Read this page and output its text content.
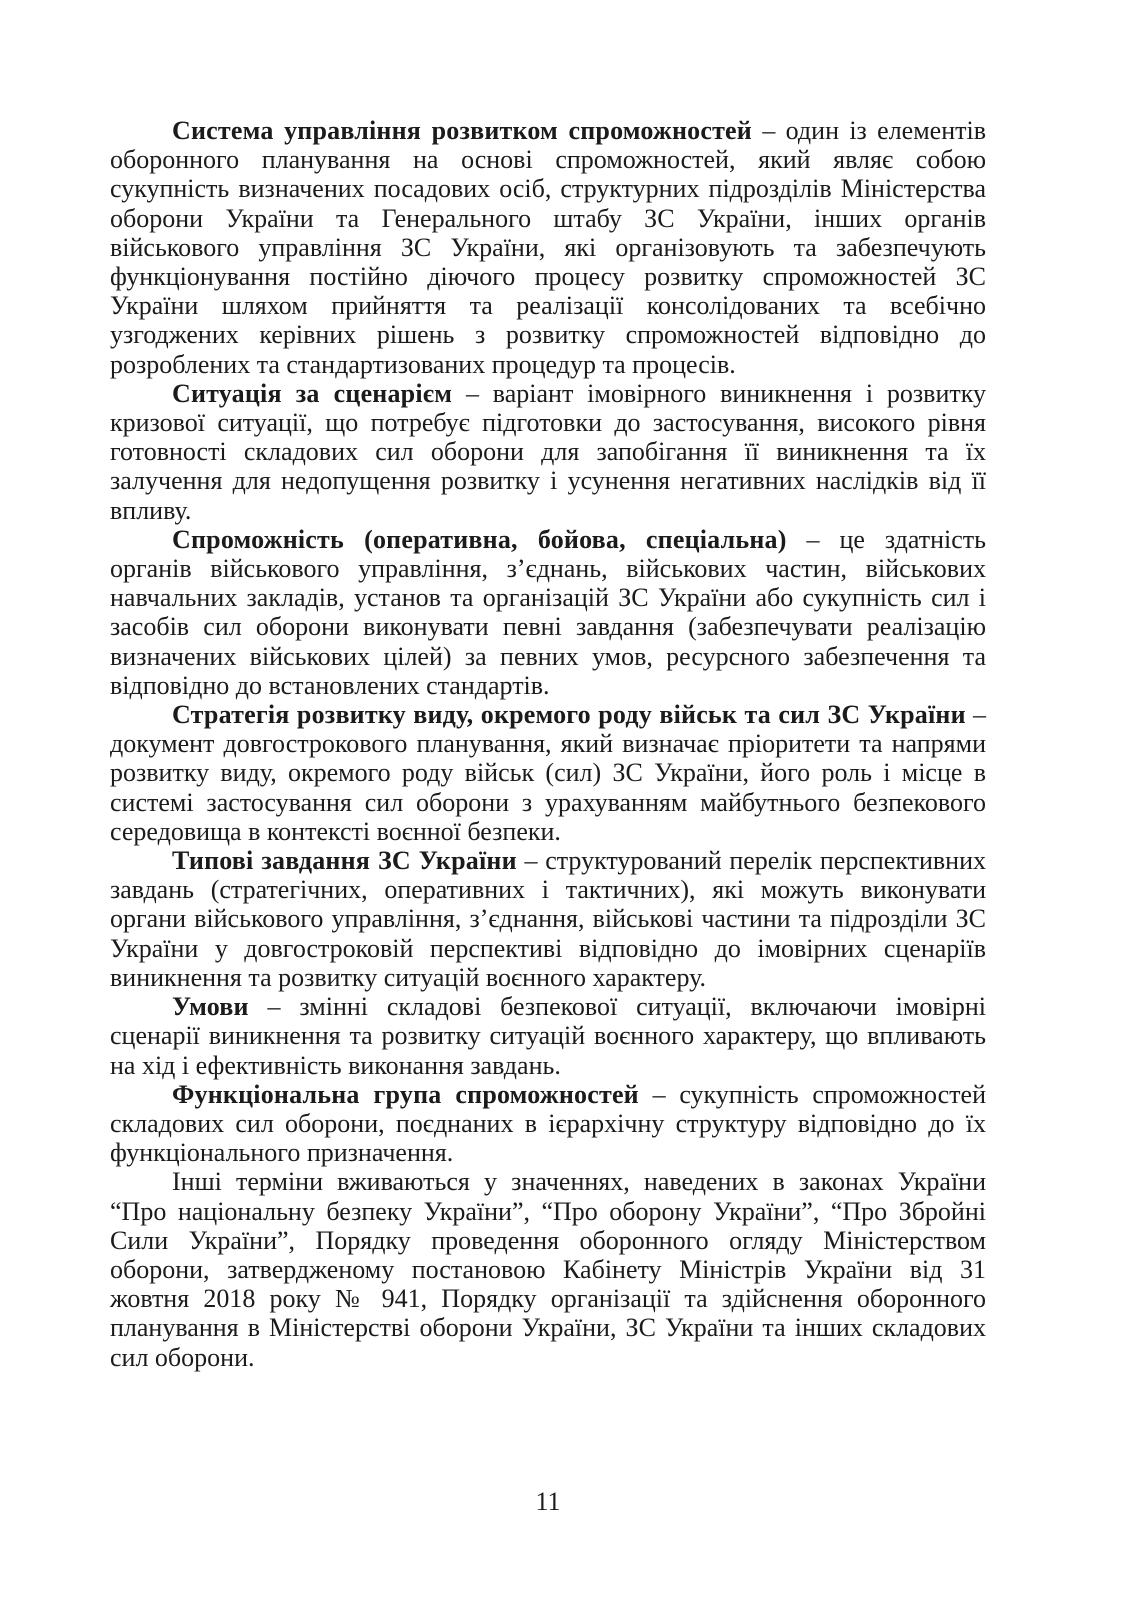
Система управління розвитком спроможностей – один із елементів оборонного планування на основі спроможностей, який являє собою сукупність визначених посадових осіб, структурних підрозділів Міністерства оборони України та Генерального штабу ЗС України, інших органів військового управління ЗС України, які організовують та забезпечують функціонування постійно діючого процесу розвитку спроможностей ЗС України шляхом прийняття та реалізації консолідованих та всебічно узгоджених керівних рішень з розвитку спроможностей відповідно до розроблених та стандартизованих процедур та процесів.

Ситуація за сценарієм – варіант імовірного виникнення і розвитку кризової ситуації, що потребує підготовки до застосування, високого рівня готовності складових сил оборони для запобігання її виникнення та їх залучення для недопущення розвитку і усунення негативних наслідків від її впливу.

Спроможність (оперативна, бойова, спеціальна) – це здатність органів військового управління, з’єднань, військових частин, військових навчальних закладів, установ та організацій ЗС України або сукупність сил і засобів сил оборони виконувати певні завдання (забезпечувати реалізацію визначених військових цілей) за певних умов, ресурсного забезпечення та відповідно до встановлених стандартів.

Стратегія розвитку виду, окремого роду військ та сил ЗС України – документ довгострокового планування, який визначає пріоритети та напрями розвитку виду, окремого роду військ (сил) ЗС України, його роль і місце в системі застосування сил оборони з урахуванням майбутнього безпекового середовища в контексті воєнної безпеки.

Типові завдання ЗС України – структурований перелік перспективних завдань (стратегічних, оперативних і тактичних), які можуть виконувати органи військового управління, з’єднання, військові частини та підрозділи ЗС України у довгостроковій перспективі відповідно до імовірних сценаріїв виникнення та розвитку ситуацій воєнного характеру.

Умови – змінні складові безпекової ситуації, включаючи імовірні сценарії виникнення та розвитку ситуацій воєнного характеру, що впливають на хід і ефективність виконання завдань.

Функціональна група спроможностей – сукупність спроможностей складових сил оборони, поєднаних в ієрархічну структуру відповідно до їх функціонального призначення.

Інші терміни вживаються у значеннях, наведених в законах України “Про національну безпеку України”, “Про оборону України”, “Про Збройні Сили України”, Порядку проведення оборонного огляду Міністерством оборони, затвердженому постановою Кабінету Міністрів України від 31 жовтня 2018 року № 941, Порядку організації та здійснення оборонного планування в Міністерстві оборони України, ЗС України та інших складових сил оборони.

11
